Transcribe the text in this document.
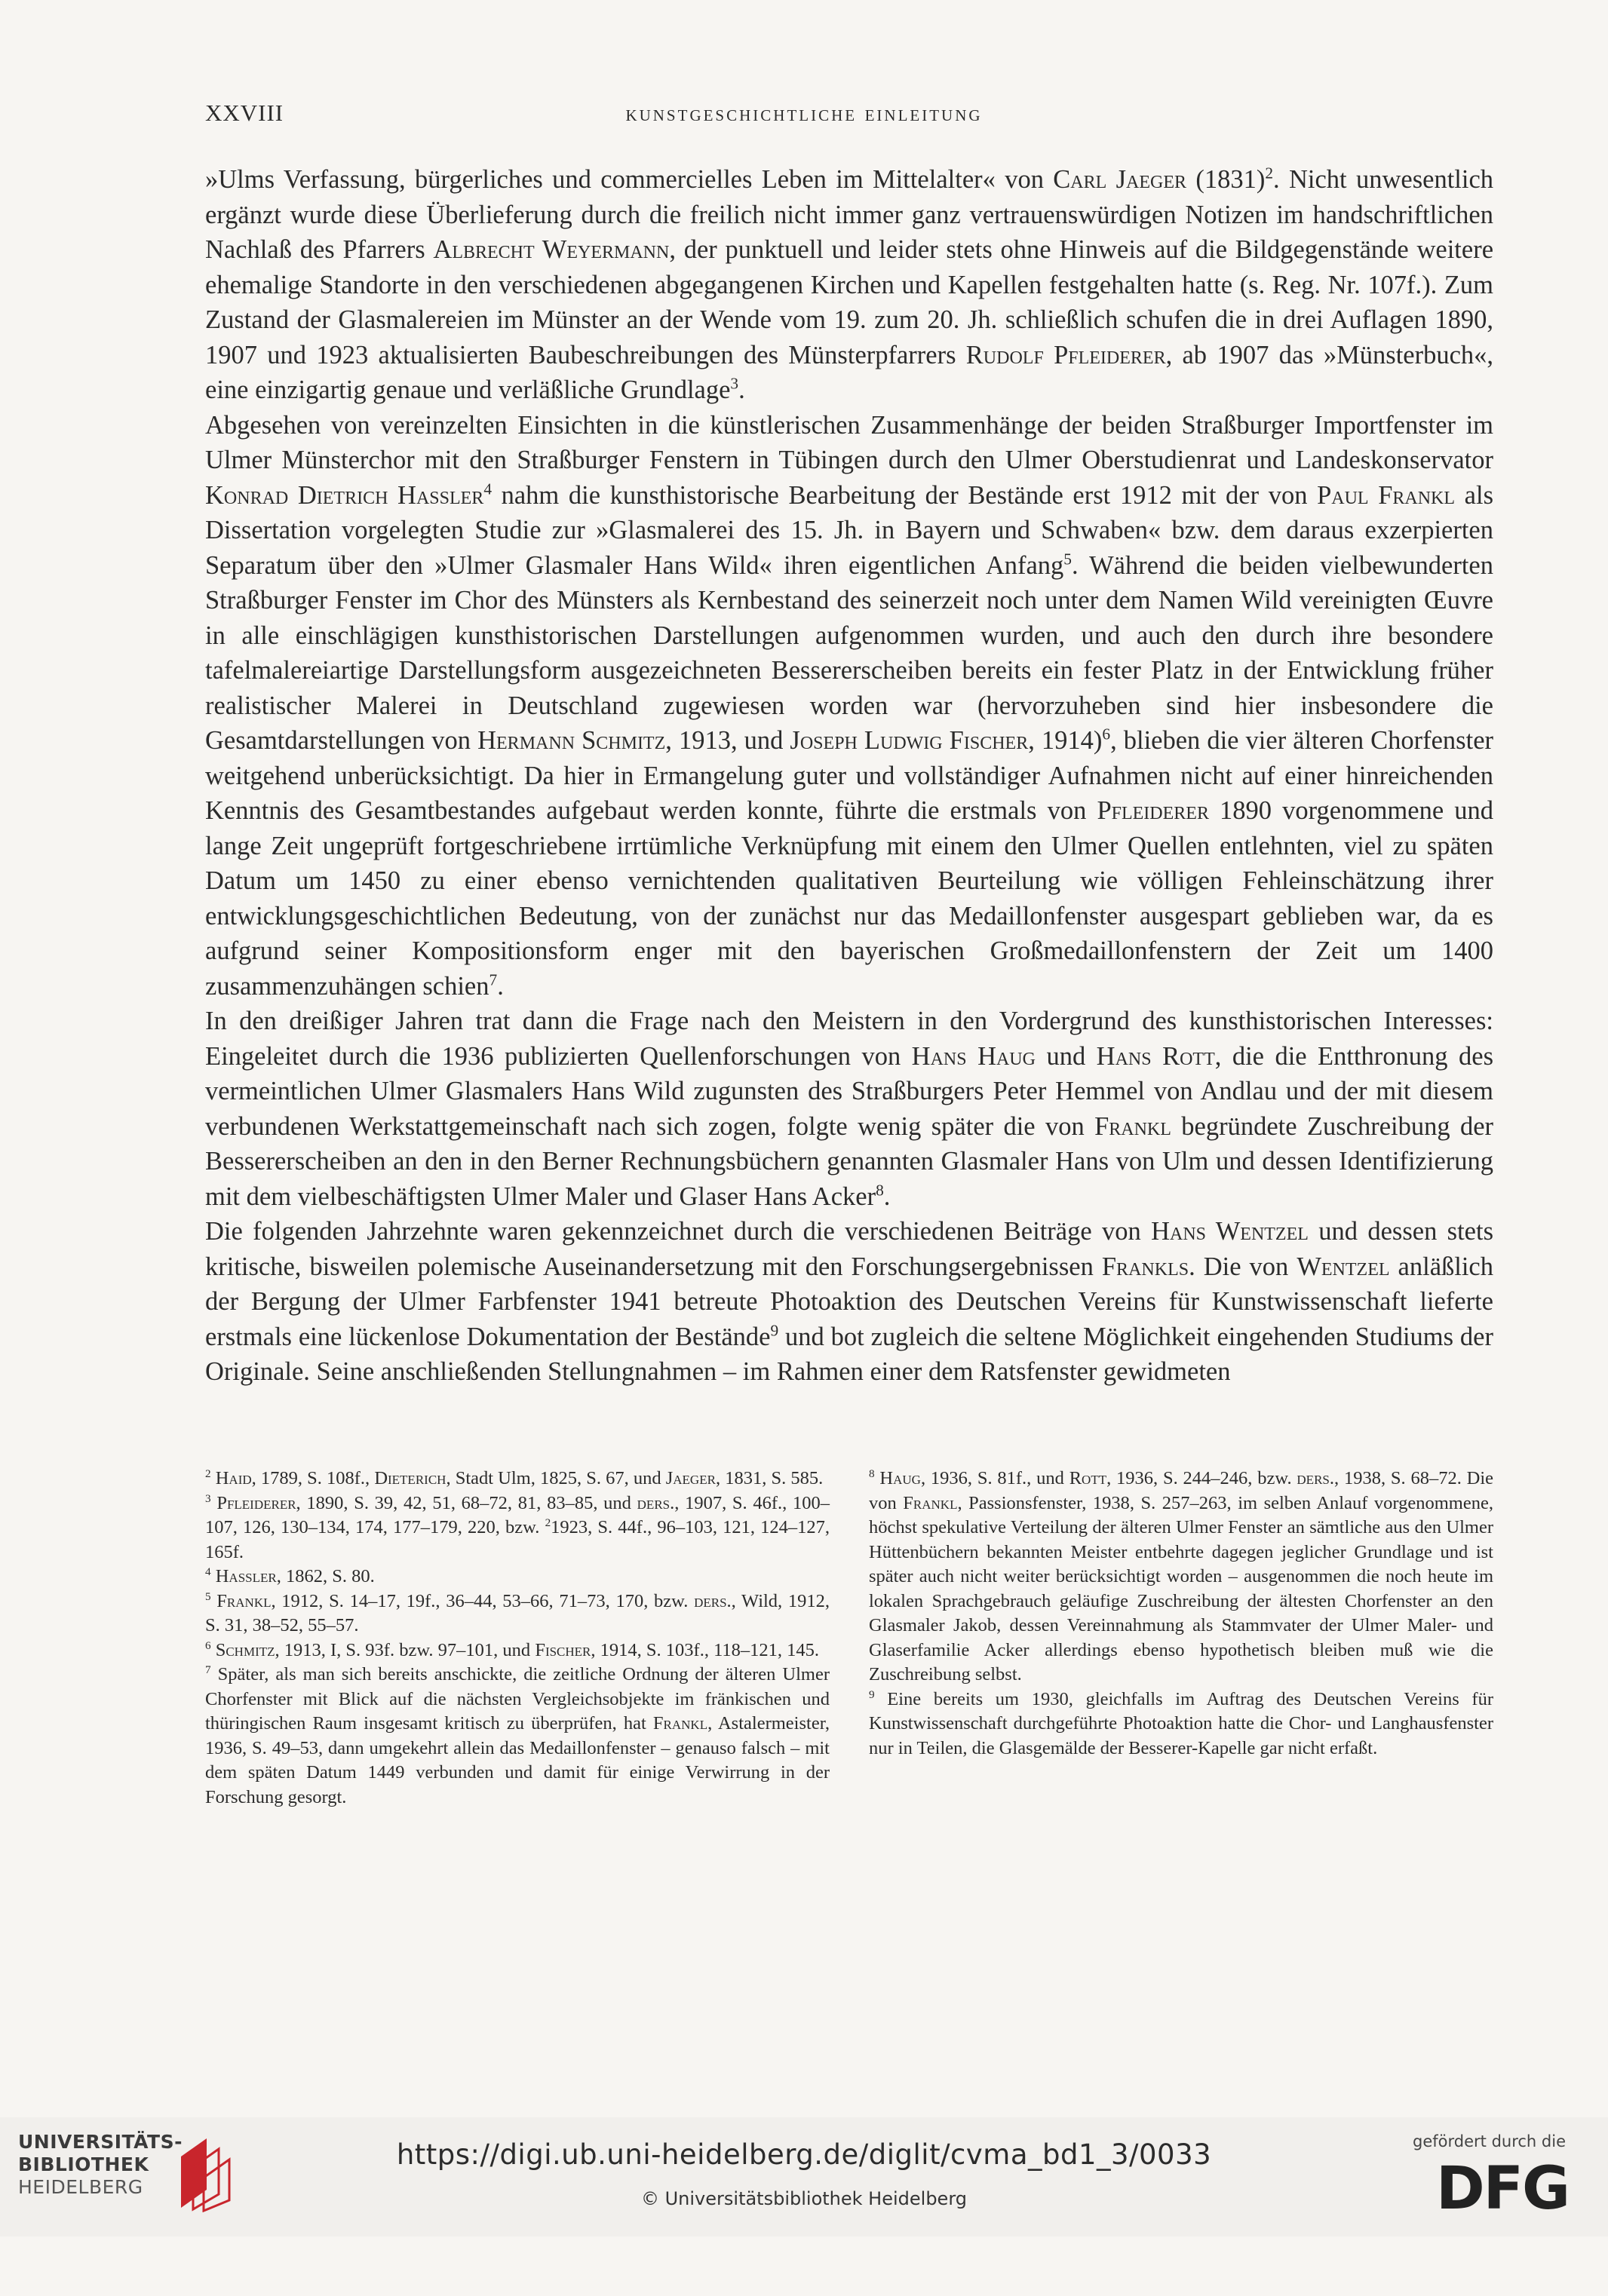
XXVIII	kunstgeschichtliche einleitung

»Ulms Verfassung, bürgerliches und commercielles Leben im Mittelalter« von Carl Jaeger $(1831)^2$. Nicht unwesentlich ergänzt wurde diese Überlieferung durch die freilich nicht immer ganz vertrauenswürdigen Notizen im handschriftlichen Nachlaß des Pfarrers Albrecht Weyermann, der punktuell und leider stets ohne Hinweis auf die Bildgegenstände weitere ehemalige Standorte in den verschiedenen abgegangenen Kirchen und Kapellen festgehalten hatte (s. Reg. Nr. 107f.). Zum Zustand der Glasmalereien im Münster an der Wende vom 19. zum 20. Jh. schließlich schufen die in drei Auflagen 1890, 1907 und 1923 aktualisierten Baubeschreibungen des Münsterpfarrers Rudolf Pfleiderer, ab 1907 das »Münsterbuch«, eine einzigartig genaue und verläßliche Grundlage$^3$.

Abgesehen von vereinzelten Einsichten in die künstlerischen Zusammenhänge der beiden Straßburger Importfenster im Ulmer Münsterchor mit den Straßburger Fenstern in Tübingen durch den Ulmer Oberstudienrat und Landeskonservator Konrad Dietrich Hassler$^4$ nahm die kunsthistorische Bearbeitung der Bestände erst 1912 mit der von Paul Frankl als Dissertation vorgelegten Studie zur »Glasmalerei des 15. Jh. in Bayern und Schwaben« bzw. dem daraus exzerpierten Separatum über den »Ulmer Glasmaler Hans Wild« ihren eigentlichen Anfang$^5$. Während die beiden vielbewunderten Straßburger Fenster im Chor des Münsters als Kernbestand des seinerzeit noch unter dem Namen Wild vereinigten Œuvre in alle einschlägigen kunsthistorischen Darstellungen aufgenommen wurden, und auch den durch ihre besondere tafelmalereiartige Darstellungsform ausgezeichneten Bessererscheiben bereits ein fester Platz in der Entwicklung früher realistischer Malerei in Deutschland zugewiesen worden war (hervorzuheben sind hier insbesondere die Gesamtdarstellungen von Hermann Schmitz, 1913, und Joseph Ludwig Fischer, 1914)$^6$, blieben die vier älteren Chorfenster weitgehend unberücksichtigt. Da hier in Ermangelung guter und vollständiger Aufnahmen nicht auf einer hinreichenden Kenntnis des Gesamtbestandes aufgebaut werden konnte, führte die erstmals von Pfleiderer 1890 vorgenommene und lange Zeit ungeprüft fortgeschriebene irrtümliche Verknüpfung mit einem den Ulmer Quellen entlehnten, viel zu späten Datum um 1450 zu einer ebenso vernichtenden qualitativen Beurteilung wie völligen Fehleinschätzung ihrer entwicklungsgeschichtlichen Bedeutung, von der zunächst nur das Medaillonfenster ausgespart geblieben war, da es aufgrund seiner Kompositionsform enger mit den bayerischen Großmedaillonfenstern der Zeit um 1400 zusammenzuhängen schien$^7$.

In den dreißiger Jahren trat dann die Frage nach den Meistern in den Vordergrund des kunsthistorischen Interesses: Eingeleitet durch die 1936 publizierten Quellenforschungen von Hans Haug und Hans Rott, die die Entthronung des vermeintlichen Ulmer Glasmalers Hans Wild zugunsten des Straßburgers Peter Hemmel von Andlau und der mit diesem verbundenen Werkstattgemeinschaft nach sich zogen, folgte wenig später die von Frankl begründete Zuschreibung der Bessererscheiben an den in den Berner Rechnungsbüchern genannten Glasmaler Hans von Ulm und dessen Identifizierung mit dem vielbeschäftigsten Ulmer Maler und Glaser Hans Acker$^8$.

Die folgenden Jahrzehnte waren gekennzeichnet durch die verschiedenen Beiträge von Hans Wentzel und dessen stets kritische, bisweilen polemische Auseinandersetzung mit den Forschungsergebnissen Frankls. Die von Wentzel anläßlich der Bergung der Ulmer Farbfenster 1941 betreute Photoaktion des Deutschen Vereins für Kunstwissenschaft lieferte erstmals eine lückenlose Dokumentation der Bestände$^9$ und bot zugleich die seltene Möglichkeit eingehenden Studiums der Originale. Seine anschließenden Stellungnahmen – im Rahmen einer dem Ratsfenster gewidmeten

$^2$ Haid, 1789, S. 108f., Dieterich, Stadt Ulm, 1825, S. 67, und Jaeger, 1831, S. 585.
$^3$ Pfleiderer, 1890, S. 39, 42, 51, 68–72, 81, 83–85, und ders., 1907, S. 46f., 100–107, 126, 130–134, 174, 177–179, 220, bzw. $^2$1923, S. 44f., 96–103, 121, 124–127, 165f.
$^4$ Hassler, 1862, S. 80.
$^5$ Frankl, 1912, S. 14–17, 19f., 36–44, 53–66, 71–73, 170, bzw. ders., Wild, 1912, S. 31, 38–52, 55–57.
$^6$ Schmitz, 1913, I, S. 93f. bzw. 97–101, und Fischer, 1914, S. 103f., 118–121, 145.
$^7$ Später, als man sich bereits anschickte, die zeitliche Ordnung der älteren Ulmer Chorfenster mit Blick auf die nächsten Vergleichsobjekte im fränkischen und thüringischen Raum insgesamt kritisch zu überprüfen, hat Frankl, Astalermeister, 1936, S. 49–53, dann umgekehrt allein das Medaillonfenster – genauso falsch – mit dem späten Datum 1449 verbunden und damit für einige Verwirrung in der Forschung gesorgt.
$^8$ Haug, 1936, S. 81f., und Rott, 1936, S. 244–246, bzw. ders., 1938, S. 68–72. Die von Frankl, Passionsfenster, 1938, S. 257–263, im selben Anlauf vorgenommene, höchst spekulative Verteilung der älteren Ulmer Fenster an sämtliche aus den Ulmer Hüttenbüchern bekannten Meister entbehrte dagegen jeglicher Grundlage und ist später auch nicht weiter berücksichtigt worden – ausgenommen die noch heute im lokalen Sprachgebrauch geläufige Zuschreibung der ältesten Chorfenster an den Glasmaler Jakob, dessen Vereinnahmung als Stammvater der Ulmer Maler- und Glaserfamilie Acker allerdings ebenso hypothetisch bleiben muß wie die Zuschreibung selbst.
$^9$ Eine bereits um 1930, gleichfalls im Auftrag des Deutschen Vereins für Kunstwissenschaft durchgeführte Photoaktion hatte die Chor- und Langhausfenster nur in Teilen, die Glasgemälde der Besserer-Kapelle gar nicht erfaßt.
UNIVERSITÄTS-
BIBLIOTHEK
HEIDELBERG
https://digi.ub.uni-heidelberg.de/diglit/cvma_bd1_3/0033
© Universitätsbibliothek Heidelberg
gefördert durch die
DFG
